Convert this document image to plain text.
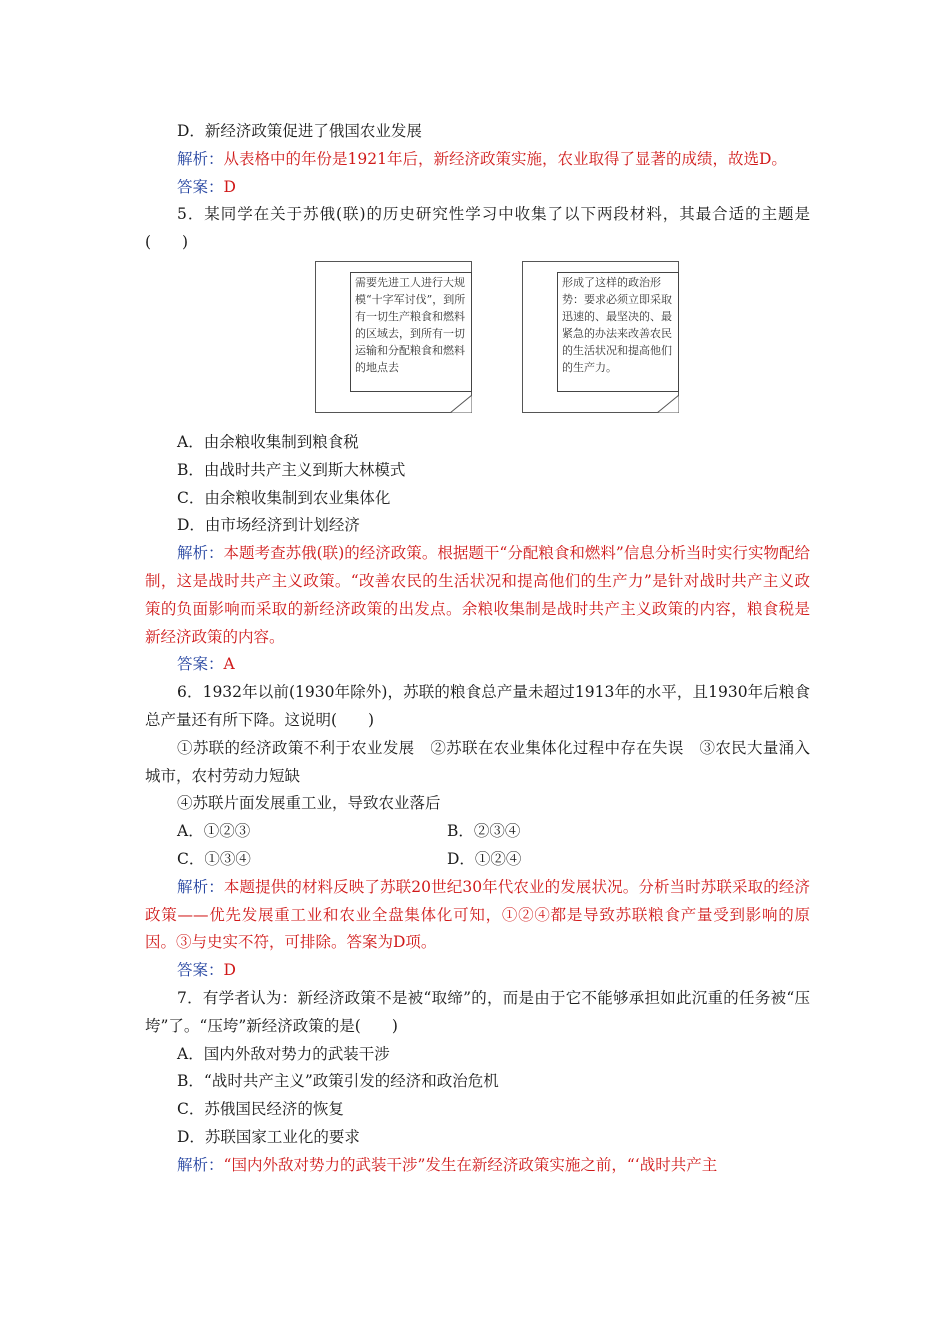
D．新经济政策促进了俄国农业发展
解析：从表格中的年份是1921年后，新经济政策实施，农业取得了显著的成绩，故选D。
答案：D
5．某同学在关于苏俄(联)的历史研究性学习中收集了以下两段材料，其最合适的主题是(　　)
需要先进工人进行大规模“十字军讨伐”，到所有一切生产粮食和燃料的区域去，到所有一切运输和分配粮食和燃料的地点去
形成了这样的政治形势：要求必须立即采取迅速的、最坚决的、最紧急的办法来改善农民的生活状况和提高他们的生产力。
A．由余粮收集制到粮食税
B．由战时共产主义到斯大林模式
C．由余粮收集制到农业集体化
D．由市场经济到计划经济
解析：本题考查苏俄(联)的经济政策。根据题干“分配粮食和燃料”信息分析当时实行实物配给制，这是战时共产主义政策。“改善农民的生活状况和提高他们的生产力”是针对战时共产主义政策的负面影响而采取的新经济政策的出发点。余粮收集制是战时共产主义政策的内容，粮食税是新经济政策的内容。
答案：A
6．1932年以前(1930年除外)，苏联的粮食总产量未超过1913年的水平，且1930年后粮食总产量还有所下降。这说明(　　)
①苏联的经济政策不利于农业发展　②苏联在农业集体化过程中存在失误　③农民大量涌入城市，农村劳动力短缺
④苏联片面发展重工业，导致农业落后
A．①②③	B．②③④
C．①③④	D．①②④
解析：本题提供的材料反映了苏联20世纪30年代农业的发展状况。分析当时苏联采取的经济政策——优先发展重工业和农业全盘集体化可知，①②④都是导致苏联粮食产量受到影响的原因。③与史实不符，可排除。答案为D项。
答案：D
7．有学者认为：新经济政策不是被“取缔”的，而是由于它不能够承担如此沉重的任务被“压垮”了。“压垮”新经济政策的是(　　)
A．国内外敌对势力的武装干涉
B．“战时共产主义”政策引发的经济和政治危机
C．苏俄国民经济的恢复
D．苏联国家工业化的要求
解析：“国内外敌对势力的武装干涉”发生在新经济政策实施之前，“‘战时共产主
